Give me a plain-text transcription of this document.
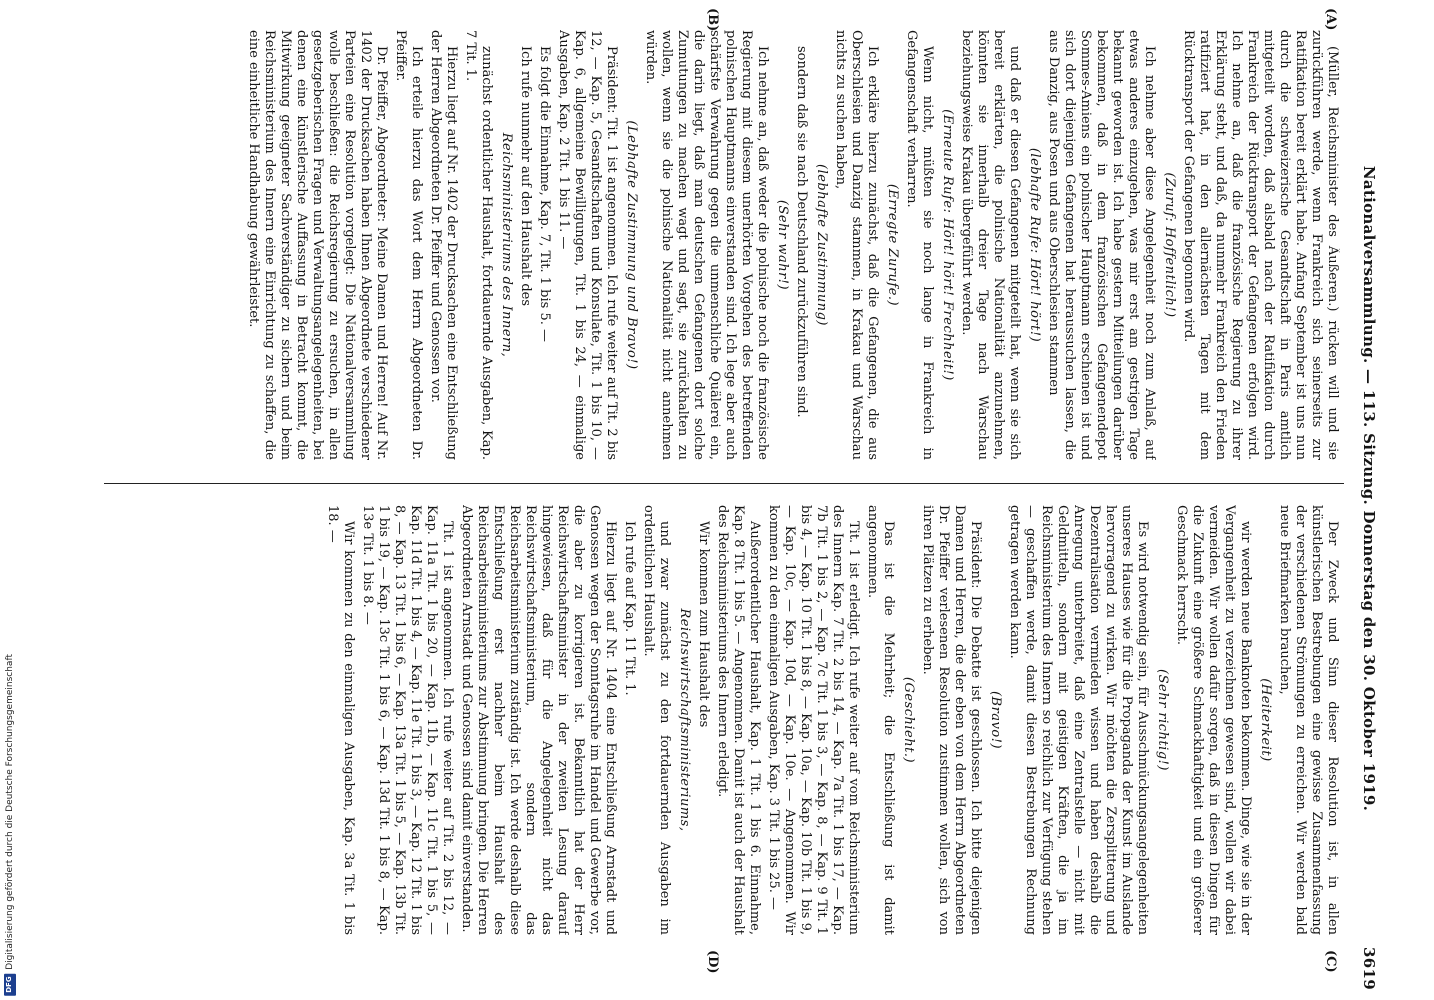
Nationalversammlung. — 113. Sitzung. Donnerstag den 30. Oktober 1919.
3619
(A)
(B)
(C)
(D)

(Müller, Reichsminister des Äußeren.) rücken will und sie zurückführen werde, wenn Frankreich sich seinerseits zur Ratifikation bereit erklärt habe. Anfang September ist uns nun durch die schweizerische Gesandtschaft in Paris amtlich mitgeteilt worden, daß alsbald nach der Ratifikation durch Frankreich der Rücktransport der Gefangenen erfolgen wird. Ich nehme an, daß die französische Regierung zu ihrer Erklärung steht, und daß, da nunmehr Frankreich den Frieden ratifiziert hat, in den allernächsten Tagen mit dem Rücktransport der Gefangenen begonnen wird.

(Zuruf: Hoffentlich!)

Ich nehme aber diese Angelegenheit noch zum Anlaß, auf etwas anderes einzugehen, was mir erst am gestrigen Tage bekannt geworden ist. Ich habe gestern Mitteilungen darüber bekommen, daß in dem französischen Gefangenendepot Sommes-Amiens ein polnischer Hauptmann erschienen ist und sich dort diejenigen Gefangenen hat heraussuchen lassen, die aus Danzig, aus Posen und aus Oberschlesien stammen

(lebhafte Rufe: Hört! hört!)

und daß er diesen Gefangenen mitgeteilt hat, wenn sie sich bereit erklärten, die polnische Nationalität anzunehmen, könnten sie innerhalb dreier Tage nach Warschau beziehungsweise Krakau übergeführt werden.

(Erneute Rufe: Hört! hört! Frechheit!)

Wenn nicht, müßten sie noch lange in Frankreich in Gefangenschaft verharren.

(Erregte Zurufe.)

Ich erkläre hierzu zunächst, daß die Gefangenen, die aus Oberschlesien und Danzig stammen, in Krakau und Warschau nichts zu suchen haben,

(lebhafte Zustimmung)

sondern daß sie nach Deutschland zurückzuführen sind.

(Sehr wahr!)

Ich nehme an, daß weder die polnische noch die französische Regierung mit diesem unerhörten Vorgehen des betreffenden polnischen Hauptmanns einverstanden sind. Ich lege aber auch schärfste Verwahrung gegen die unmenschliche Quälerei ein, die darin liegt, daß man deutschen Gefangenen dort solche Zumutungen zu machen wagt und sagt, sie zurückhalten zu wollen, wenn sie die polnische Nationalität nicht annehmen würden.

(Lebhafte Zustimmung und Bravo!)

Präsident: Tit. 1 ist angenommen. Ich rufe weiter auf Tit. 2 bis 12, — Kap. 5, Gesandtschaften und Konsulate, Tit. 1 bis 10, — Kap. 6, allgemeine Bewilligungen, Tit. 1 bis 24, — einmalige Ausgaben, Kap. 2 Tit. 1 bis 11. —

Es folgt die Einnahme, Kap. 7, Tit. 1 bis 5. —

Ich rufe nunmehr auf den Haushalt des

Reichsministeriums des Innern,

zunächst ordentlicher Haushalt, fortdauernde Ausgaben, Kap. 7 Tit. 1.

Hierzu liegt auf Nr. 1402 der Drucksachen eine Entschließung der Herren Abgeordneten Dr. Pfeiffer und Genossen vor.

Ich erteile hierzu das Wort dem Herrn Abgeordneten Dr. Pfeiffer.

Dr. Pfeiffer, Abgeordneter: Meine Damen und Herren! Auf Nr. 1402 der Drucksachen haben Ihnen Abgeordnete verschiedener Parteien eine Resolution vorgelegt: Die Nationalversammlung wolle beschließen: die Reichsregierung zu ersuchen, in allen gesetzgeberischen Fragen und Verwaltungsangelegenheiten, bei denen eine künstlerische Auffassung in Betracht kommt, die Mitwirkung geeigneter Sachverständiger zu sichern und beim Reichsministerium des Innern eine Einrichtung zu schaffen, die eine einheitliche Handhabung gewährleistet.

Der Zweck und Sinn dieser Resolution ist, in allen künstlerischen Bestrebungen eine gewisse Zusammenfassung der verschiedenen Strömungen zu erreichen. Wir werden bald neue Briefmarken brauchen,

(Heiterkeit)

wir werden neue Banknoten bekommen. Dinge, wie sie in der Vergangenheit zu verzeichnen gewesen sind, wollen wir dabei vermeiden. Wir wollen dafür sorgen, daß in diesen Dingen für die Zukunft eine größere Schmackhaftigkeit und ein größerer Geschmack herrscht.

(Sehr richtig!)

Es wird notwendig sein, für Ausschmückungsangelegenheiten unseres Hauses wie für die Propaganda der Kunst im Auslande hervorragend zu wirken. Wir möchten die Zersplitterung und Dezentralisation vermieden wissen und haben deshalb die Anregung unterbreitet, daß eine Zentralstelle — nicht mit Geldmitteln, sondern mit geistigen Kräften, die ja im Reichsministerium des Innern so reichlich zur Verfügung stehen — geschaffen werde, damit diesen Bestrebungen Rechnung getragen werden kann.

(Bravo!)

Präsident: Die Debatte ist geschlossen. Ich bitte diejenigen Damen und Herren, die der eben von dem Herrn Abgeordneten Dr. Pfeiffer verlesenen Resolution zustimmen wollen, sich von ihren Plätzen zu erheben.

(Geschieht.)

Das ist die Mehrheit; die Entschließung ist damit angenommen.

Tit. 1 ist erledigt. Ich rufe weiter auf vom Reichsministerium des Innern Kap. 7 Tit. 2 bis 14, — Kap. 7a Tit. 1 bis 17, — Kap. 7b Tit. 1 bis 2, — Kap. 7c Tit. 1 bis 3, — Kap. 8, — Kap. 9 Tit. 1 bis 4, — Kap. 10 Tit. 1 bis 8, — Kap. 10a, — Kap. 10b Tit. 1 bis 9, — Kap. 10c, — Kap. 10d, — Kap. 10e. — Angenommen. Wir kommen zu den einmaligen Ausgaben, Kap. 3 Tit. 1 bis 25. —

Außerordentlicher Haushalt, Kap. 1 Tit. 1 bis 6. Einnahme, Kap. 8 Tit. 1 bis 5. — Angenommen. Damit ist auch der Haushalt des Reichsministeriums des Innern erledigt.

Wir kommen zum Haushalt des

Reichswirtschaftsministeriums,

und zwar zunächst zu den fortdauernden Ausgaben im ordentlichen Haushalt.

Ich rufe auf Kap. 11 Tit. 1.

Hierzu liegt auf Nr. 1404 eine Entschließung Arnstadt und Genossen wegen der Sonntagsruhe im Handel und Gewerbe vor, die aber zu korrigieren ist. Bekanntlich hat der Herr Reichswirtschaftsminister in der zweiten Lesung darauf hingewiesen, daß für die Angelegenheit nicht das Reichswirtschaftsministerium, sondern das Reichsarbeitsministerium zuständig ist. Ich werde deshalb diese Entschließung erst nachher beim Haushalt des Reichsarbeitsministeriums zur Abstimmung bringen. Die Herren Abgeordneten Arnstadt und Genossen sind damit einverstanden.

Tit. 1 ist angenommen. Ich rufe weiter auf Tit. 2 bis 12, — Kap. 11a Tit. 1 bis 20, — Kap. 11b, — Kap. 11c Tit. 1 bis 5, — Kap. 11d Tit. 1 bis 4, — Kap. 11e Tit. 1 bis 3, — Kap. 12 Tit. 1 bis 8, — Kap. 13 Tit. 1 bis 6, — Kap. 13a Tit. 1 bis 5, — Kap. 13b Tit. 1 bis 19, — Kap. 13c Tit. 1 bis 6, — Kap. 13d Tit. 1 bis 8, — Kap. 13e Tit. 1 bis 8. —

Wir kommen zu den einmaligen Ausgaben, Kap. 3a Tit. 1 bis 18. —

DFG
Digitalisierung gefördert durch die Deutsche Forschungsgemeinschaft
